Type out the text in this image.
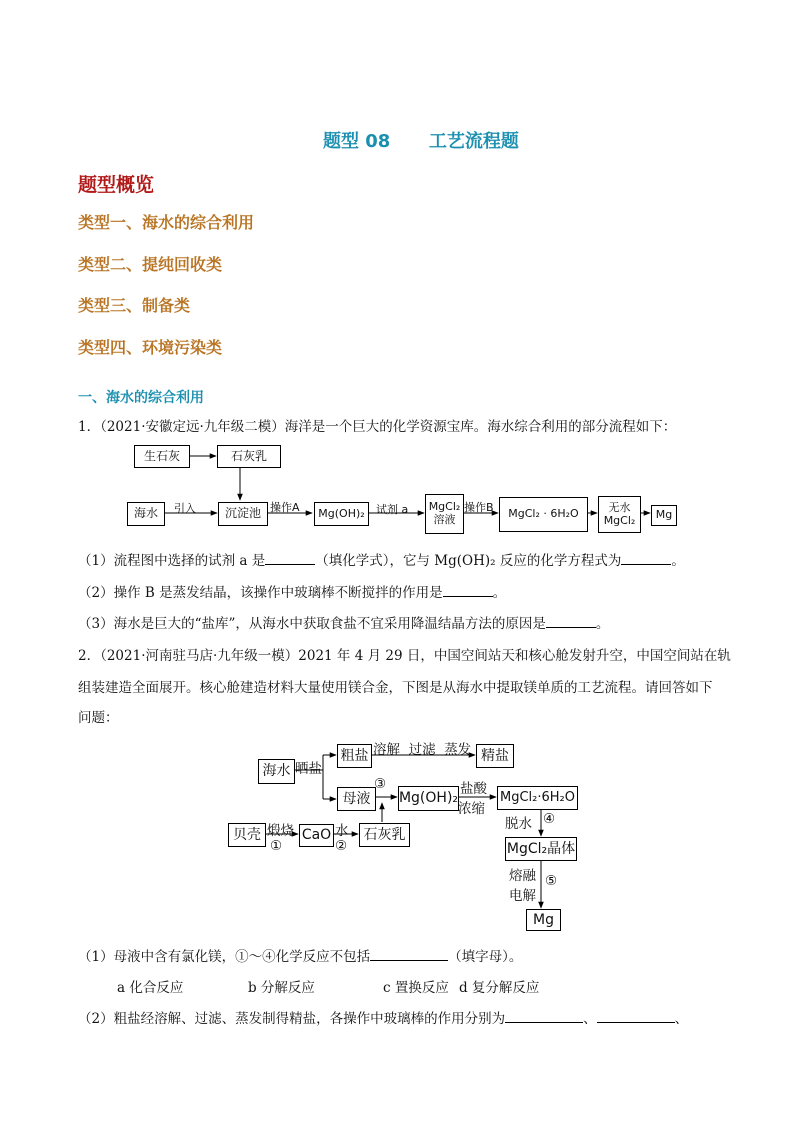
题型 08 工艺流程题
题型概览
类型一、海水的综合利用
类型二、提纯回收类
类型三、制备类
类型四、环境污染类
一、海水的综合利用
1．（2021·安徽定远·九年级二模）海洋是一个巨大的化学资源宝库。海水综合利用的部分流程如下：
生石灰	石灰乳
海水 引入 沉淀池 操作A Mg(OH)₂ 试剂 a MgCl₂
溶液
操作B MgCl₂ · 6H₂O	无水
MgCl₂ Mg
（1）流程图中选择的试剂 a 是	（填化学式），它与 Mg(OH)₂ 反应的化学方程式为	。
（2）操作 B 是蒸发结晶，该操作中玻璃棒不断搅拌的作用是	。
（3）海水是巨大的“盐库”，从海水中获取食盐不宜采用降温结晶方法的原因是	。
2．（2021·河南驻马店·九年级一模）2021 年 4 月 29 日，中国空间站天和核心舱发射升空，中国空间站在轨
组装建造全面展开。核心舱建造材料大量使用镁合金，下图是从海水中提取镁单质的工艺流程。请回答如下
问题：
海水 晒盐
粗盐 溶解 过滤 蒸发 精盐
母液
③
Mg(OH)₂
盐酸
浓缩
MgCl₂·6H₂O
脱水 ④
MgCl₂晶体
贝壳 煅烧
①
CaO 水
②
石灰乳
熔融
电解
⑤
Mg
（1）母液中含有氯化镁，①～④化学反应不包括	（填字母）。
a 化合反应	b 分解反应	c 置换反应 d 复分解反应
（2）粗盐经溶解、过滤、蒸发制得精盐，各操作中玻璃棒的作用分别为	、	、
